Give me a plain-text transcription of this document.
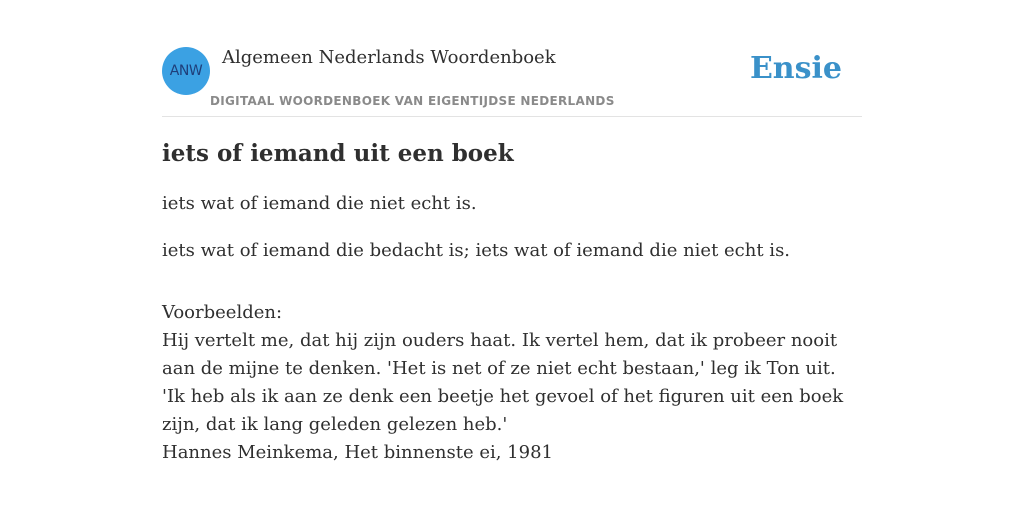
ANW
Algemeen Nederlands Woordenboek
DIGITAAL WOORDENBOEK VAN EIGENTIJDSE NEDERLANDS
Ensie
iets of iemand uit een boek

iets wat of iemand die niet echt is.

iets wat of iemand die bedacht is; iets wat of iemand die niet echt is.

Voorbeelden:
Hij vertelt me, dat hij zijn ouders haat. Ik vertel hem, dat ik probeer nooit aan de mijne te denken. 'Het is net of ze niet echt bestaan,' leg ik Ton uit. 'Ik heb als ik aan ze denk een beetje het gevoel of het figuren uit een boek zijn, dat ik lang geleden gelezen heb.'
Hannes Meinkema, Het binnenste ei, 1981
